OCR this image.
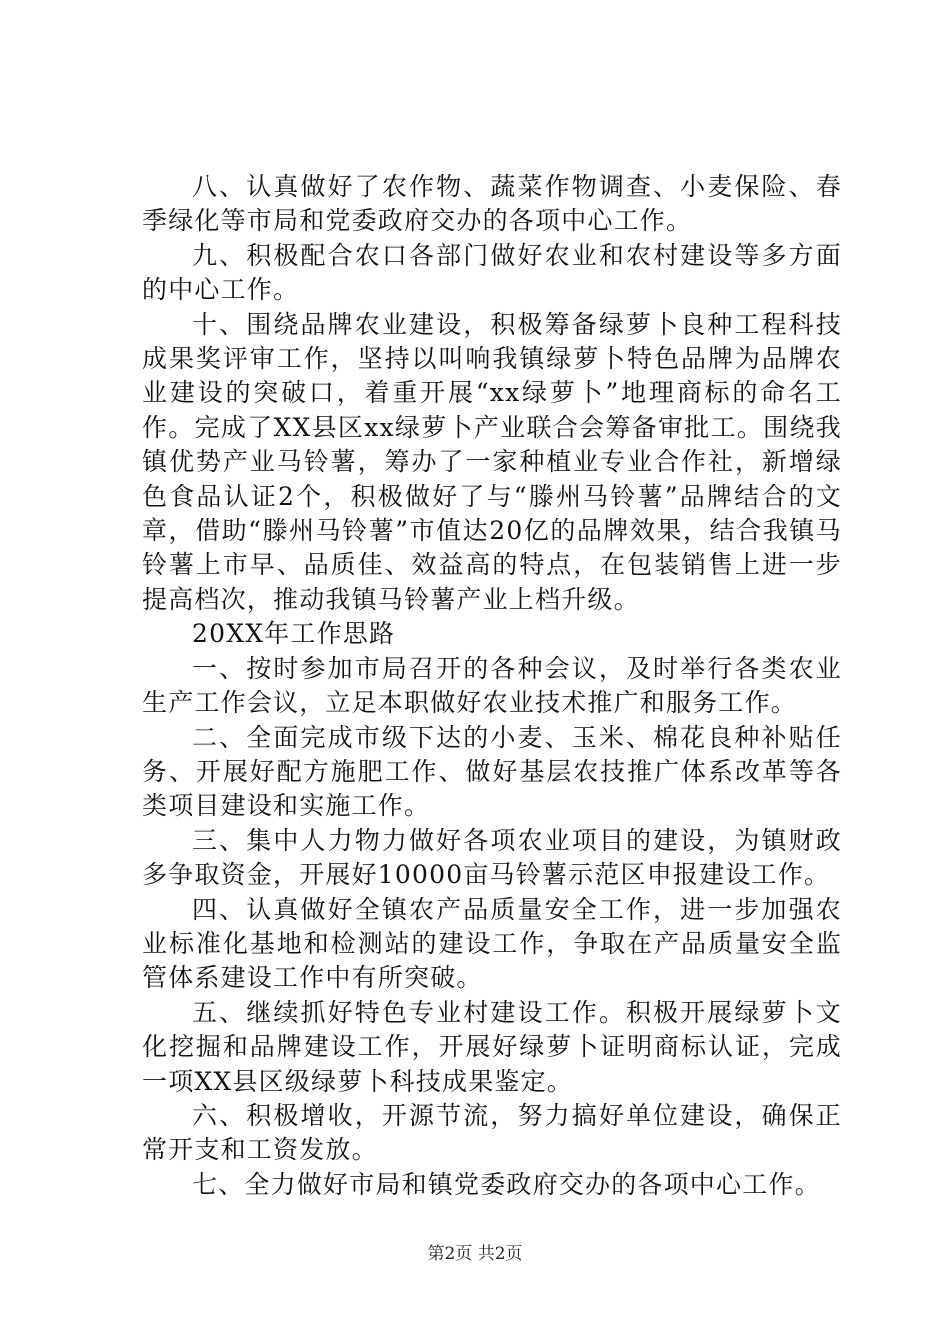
八、认真做好了农作物、蔬菜作物调查、小麦保险、春季绿化等市局和党委政府交办的各项中心工作。

九、积极配合农口各部门做好农业和农村建设等多方面的中心工作。

十、围绕品牌农业建设，积极筹备绿萝卜良种工程科技成果奖评审工作，坚持以叫响我镇绿萝卜特色品牌为品牌农业建设的突破口，着重开展“xx绿萝卜”地理商标的命名工作。完成了XX县区xx绿萝卜产业联合会筹备审批工。围绕我镇优势产业马铃薯，筹办了一家种植业专业合作社，新增绿色食品认证2个，积极做好了与“滕州马铃薯”品牌结合的文章，借助“滕州马铃薯”市值达20亿的品牌效果，结合我镇马铃薯上市早、品质佳、效益高的特点，在包装销售上进一步提高档次，推动我镇马铃薯产业上档升级。

20XX年工作思路

一、按时参加市局召开的各种会议，及时举行各类农业生产工作会议，立足本职做好农业技术推广和服务工作。

二、全面完成市级下达的小麦、玉米、棉花良种补贴任务、开展好配方施肥工作、做好基层农技推广体系改革等各类项目建设和实施工作。

三、集中人力物力做好各项农业项目的建设，为镇财政多争取资金，开展好10000亩马铃薯示范区申报建设工作。

四、认真做好全镇农产品质量安全工作，进一步加强农业标准化基地和检测站的建设工作，争取在产品质量安全监管体系建设工作中有所突破。

五、继续抓好特色专业村建设工作。积极开展绿萝卜文化挖掘和品牌建设工作，开展好绿萝卜证明商标认证，完成一项XX县区级绿萝卜科技成果鉴定。

六、积极增收，开源节流，努力搞好单位建设，确保正常开支和工资发放。

七、全力做好市局和镇党委政府交办的各项中心工作。

第2页 共2页
